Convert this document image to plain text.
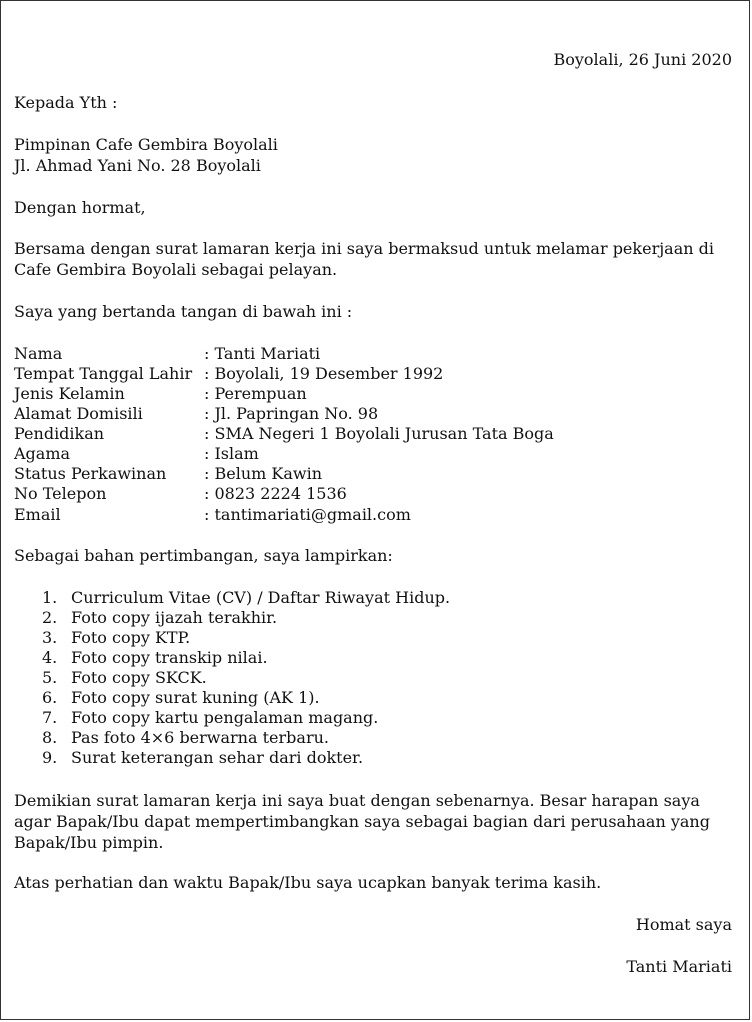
Boyolali, 26 Juni 2020
Kepada Yth :
Pimpinan Cafe Gembira Boyolali
Jl. Ahmad Yani No. 28 Boyolali
Dengan hormat,
Bersama dengan surat lamaran kerja ini saya bermaksud untuk melamar pekerjaan di Cafe Gembira Boyolali sebagai pelayan.
Saya yang bertanda tangan di bawah ini :
Nama	: Tanti Mariati
Tempat Tanggal Lahir : Boyolali, 19 Desember 1992
Jenis Kelamin	: Perempuan
Alamat Domisili	: Jl. Papringan No. 98
Pendidikan	: SMA Negeri 1 Boyolali Jurusan Tata Boga
Agama	: Islam
Status Perkawinan : Belum Kawin
No Telepon	: 0823 2224 1536
Email	: tantimariati@gmail.com
Sebagai bahan pertimbangan, saya lampirkan:
1. Curriculum Vitae (CV) / Daftar Riwayat Hidup.
2. Foto copy ijazah terakhir.
3. Foto copy KTP.
4. Foto copy transkip nilai.
5. Foto copy SKCK.
6. Foto copy surat kuning (AK 1).
7. Foto copy kartu pengalaman magang.
8. Pas foto 4×6 berwarna terbaru.
9. Surat keterangan sehar dari dokter.
Demikian surat lamaran kerja ini saya buat dengan sebenarnya. Besar harapan saya agar Bapak/Ibu dapat mempertimbangkan saya sebagai bagian dari perusahaan yang Bapak/Ibu pimpin.
Atas perhatian dan waktu Bapak/Ibu saya ucapkan banyak terima kasih.
Homat saya
Tanti Mariati
